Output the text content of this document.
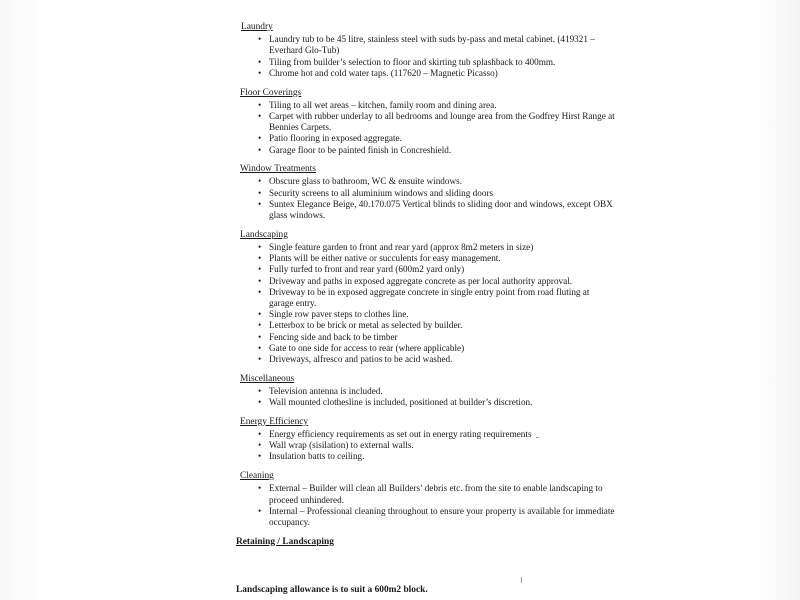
Laundry
• Laundry tub to be 45 litre, stainless steel with suds by-pass and metal cabinet. (419321 – Everhard Glo-Tub)
• Tiling from builder’s selection to floor and skirting tub splashback to 400mm.
• Chrome hot and cold water taps. (117620 – Magnetic Picasso)
Floor Coverings
• Tiling to all wet areas – kitchen, family room and dining area.
• Carpet with rubber underlay to all bedrooms and lounge area from the Godfrey Hirst Range at Bennies Carpets.
• Patio flooring in exposed aggregate.
• Garage floor to be painted finish in Concreshield.
Window Treatments
• Obscure glass to bathroom, WC & ensuite windows.
• Security screens to all aluminium windows and sliding doors
• Suntex Elegance Beige, 40.170.075 Vertical blinds to sliding door and windows, except OBX glass windows.
Landscaping
• Single feature garden to front and rear yard (approx 8m2 meters in size)
• Plants will be either native or succulents for easy management.
• Fully turfed to front and rear yard (600m2 yard only)
• Driveway and paths in exposed aggregate concrete as per local authority approval.
• Driveway to be in exposed aggregate concrete in single entry point from road fluting at garage entry.
• Single row paver steps to clothes line.
• Letterbox to be brick or metal as selected by builder.
• Fencing side and back to be timber
• Gate to one side for access to rear (where applicable)
• Driveways, alfresco and patios to be acid washed.
Miscellaneous
• Television antenna is included.
• Wall mounted clothesline is included, positioned at builder’s discretion.
Energy Efficiency
• Energy efficiency requirements as set out in energy rating requirements
• Wall wrap (sisilation) to external walls.
• Insulation batts to ceiling.
Cleaning
• External – Builder will clean all Builders’ debris etc. from the site to enable landscaping to proceed unhindered.
• Internal – Professional cleaning throughout to ensure your property is available for immediate occupancy.
Retaining / Landscaping
Landscaping allowance is to suit a 600m2 block.
